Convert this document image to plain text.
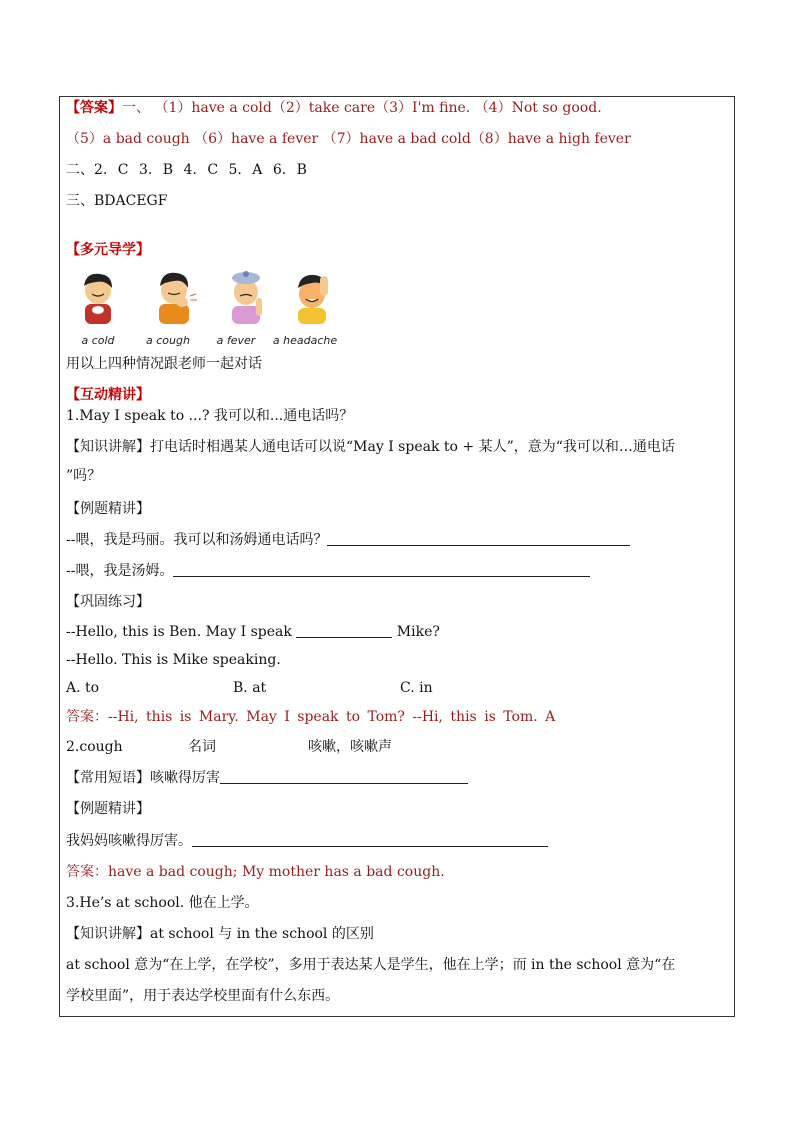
【答案】一、 （1）have a cold（2）take care（3）I'm fine. （4）Not so good.
（5）a bad cough （6）have a fever （7）have a bad cold（8）have a high fever
二、2. C 3. B 4. C 5. A 6. B
三、BDACEGF
【多元导学】
a cold	a cough	a fever	a headache
用以上四种情况跟老师一起对话
【互动精讲】
1.May I speak to ...? 我可以和...通电话吗？
【知识讲解】打电话时相遇某人通电话可以说“May I speak to + 某人”，意为“我可以和…通电话
”吗？
【例题精讲】
--喂，我是玛丽。我可以和汤姆通电话吗？
--喂，我是汤姆。
【巩固练习】
--Hello, this is Ben. May I speak	Mike?
--Hello. This is Mike speaking.
A. to	B. at	C. in
答案：--Hi, this is Mary. May I speak to Tom? --Hi, this is Tom. A
2.cough	名词	咳嗽，咳嗽声
【常用短语】咳嗽得厉害
【例题精讲】
我妈妈咳嗽得厉害。
答案：have a bad cough; My mother has a bad cough.
3.He’s at school. 他在上学。
【知识讲解】at school 与 in the school 的区别
at school 意为“在上学，在学校”，多用于表达某人是学生，他在上学；而 in the school 意为“在
学校里面”，用于表达学校里面有什么东西。
